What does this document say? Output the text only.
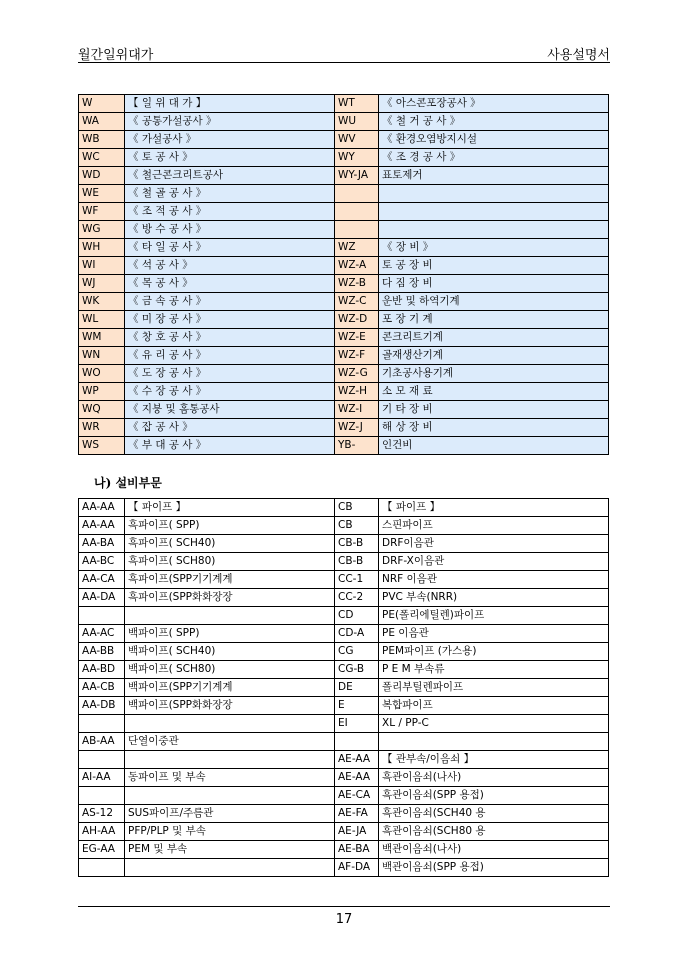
월간일위대가	사용설명서
W	【 일 위 대 가 】	WT	《 아스콘포장공사 》
WA	《 공통가설공사 》	WU	《 철 거 공 사 》
WB	《 가설공사 》	WV	《 환경오염방지시설
WC	《 토 공 사 》	WY	《 조 경 공 사 》
WD	《 철근콘크리트공사	WY-JA	표토제거
WE	《 철 골 공 사 》		
WF	《 조 적 공 사 》		
WG	《 방 수 공 사 》		
WH	《 타 일 공 사 》	WZ	《 장 비 》
WI	《 석 공 사 》	WZ-A	토 공 장 비
WJ	《 목 공 사 》	WZ-B	다 짐 장 비
WK	《 금 속 공 사 》	WZ-C	운반 및 하역기계
WL	《 미 장 공 사 》	WZ-D	포 장 기 계
WM	《 창 호 공 사 》	WZ-E	콘크리트기계
WN	《 유 리 공 사 》	WZ-F	골재생산기계
WO	《 도 장 공 사 》	WZ-G	기초공사용기계
WP	《 수 장 공 사 》	WZ-H	소 모 재 료
WQ	《 지붕 및 홈통공사	WZ-I	기 타 장 비
WR	《 잡 공 사 》	WZ-J	해 상 장 비
WS	《 부 대 공 사 》	YB-	인건비
나) 설비부문
AA-AA	【 파이프 】	CB	【 파이프 】
AA-AA	흑파이프( SPP)	CB	스핀파이프
AA-BA	흑파이프( SCH40)	CB-B	DRF이음관
AA-BC	흑파이프( SCH80)	CB-B	DRF-X이음관
AA-CA	흑파이프(SPP기기계계	CC-1	NRF 이음관
AA-DA	흑파이프(SPP화화장장	CC-2	PVC 부속(NRR)
		CD	PE(폴리에틸렌)파이프
AA-AC	백파이프( SPP)	CD-A	PE 이음관
AA-BB	백파이프( SCH40)	CG	PEM파이프 (가스용)
AA-BD	백파이프( SCH80)	CG-B	P E M 부속류
AA-CB	백파이프(SPP기기계계	DE	폴리부틸렌파이프
AA-DB	백파이프(SPP화화장장	E	복합파이프
		EI	XL / PP-C
AB-AA	단열이중관		
		AE-AA	【 관부속/이음쇠 】
AI-AA	동파이프 및 부속	AE-AA	흑관이음쇠(나사)
		AE-CA	흑관이음쇠(SPP 용접)
AS-12	SUS파이프/주름관	AE-FA	흑관이음쇠(SCH40 용
AH-AA	PFP/PLP 및 부속	AE-JA	흑관이음쇠(SCH80 용
EG-AA	PEM 및 부속	AE-BA	백관이음쇠(나사)
		AF-DA	백관이음쇠(SPP 용접)
17
